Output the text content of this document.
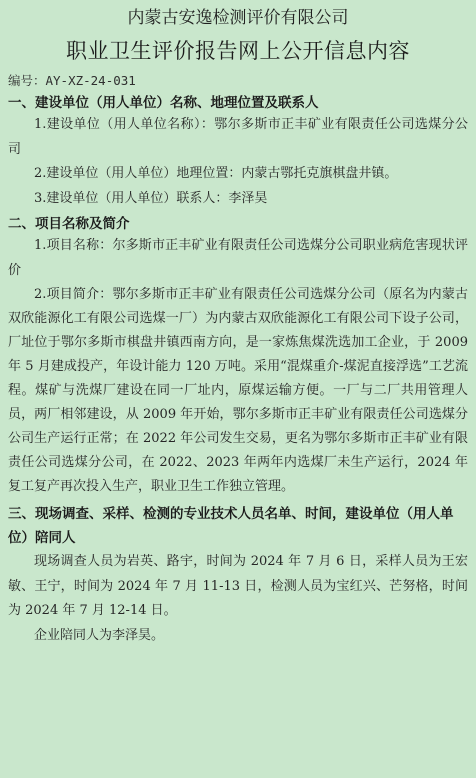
内蒙古安逸检测评价有限公司
职业卫生评价报告网上公开信息内容
编号：AY-XZ-24-031
一、建设单位（用人单位）名称、地理位置及联系人

1.建设单位（用人单位名称）：鄂尔多斯市正丰矿业有限责任公司选煤分公司

2.建设单位（用人单位）地理位置：内蒙古鄂托克旗棋盘井镇。

3.建设单位（用人单位）联系人：李泽昊

二、项目名称及简介

1.项目名称：尔多斯市正丰矿业有限责任公司选煤分公司职业病危害现状评价

2.项目简介：鄂尔多斯市正丰矿业有限责任公司选煤分公司（原名为内蒙古双欣能源化工有限公司选煤一厂）为内蒙古双欣能源化工有限公司下设子公司，厂址位于鄂尔多斯市棋盘井镇西南方向，是一家炼焦煤洗选加工企业，于 2009 年 5 月建成投产，年设计能力 120 万吨。采用“混煤重介-煤泥直接浮选”工艺流程。煤矿与洗煤厂建设在同一厂址内，原煤运输方便。一厂与二厂共用管理人员，两厂相邻建设，从 2009 年开始，鄂尔多斯市正丰矿业有限责任公司选煤分公司生产运行正常；在 2022 年公司发生交易，更名为鄂尔多斯市正丰矿业有限责任公司选煤分公司，在 2022、2023 年两年内选煤厂未生产运行，2024 年复工复产再次投入生产，职业卫生工作独立管理。

三、现场调查、采样、检测的专业技术人员名单、时间，建设单位（用人单位）陪同人

现场调查人员为岩英、路宇，时间为 2024 年 7 月 6 日，采样人员为王宏敏、王宁，时间为 2024 年 7 月 11-13 日，检测人员为宝红兴、芒努格，时间为 2024 年 7 月 12-14 日。

企业陪同人为李泽昊。
